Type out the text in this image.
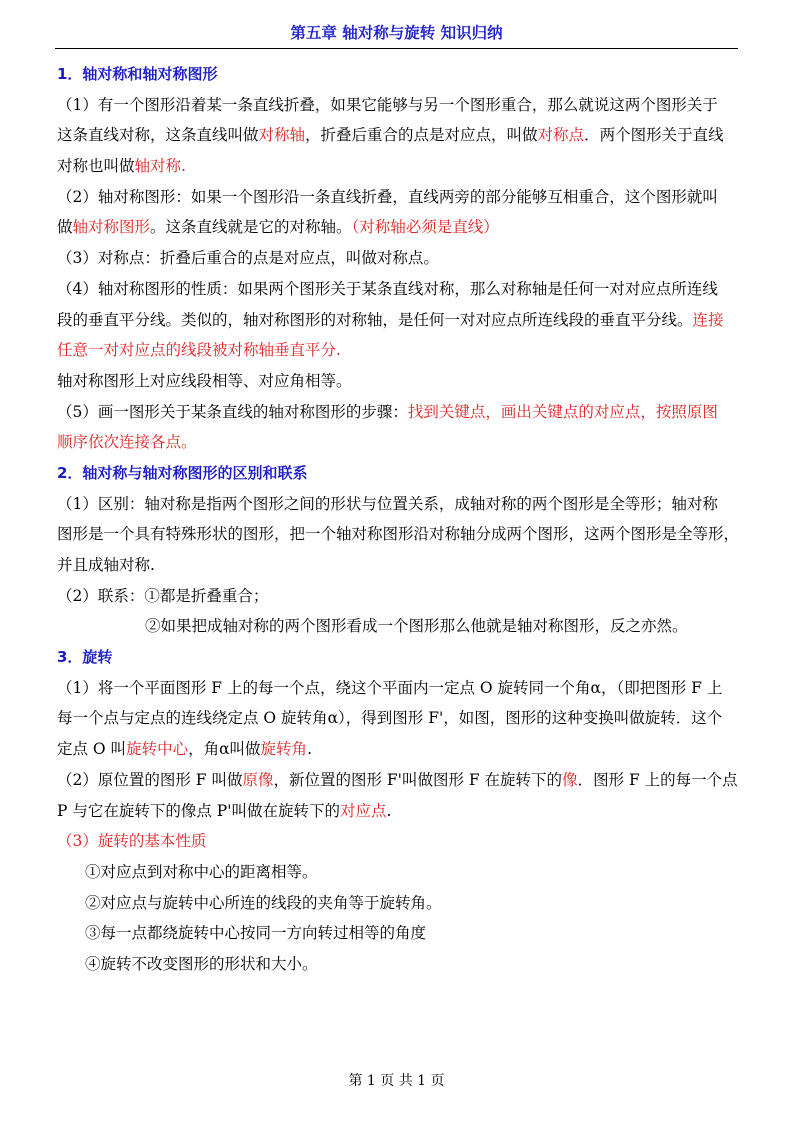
第五章 轴对称与旋转 知识归纳
1．轴对称和轴对称图形
（1）有一个图形沿着某一条直线折叠，如果它能够与另一个图形重合，那么就说这两个图形关于
这条直线对称，这条直线叫做对称轴，折叠后重合的点是对应点，叫做对称点．两个图形关于直线
对称也叫做轴对称.
（2）轴对称图形：如果一个图形沿一条直线折叠，直线两旁的部分能够互相重合，这个图形就叫
做轴对称图形。这条直线就是它的对称轴。（对称轴必须是直线）
（3）对称点：折叠后重合的点是对应点，叫做对称点。
（4）轴对称图形的性质：如果两个图形关于某条直线对称，那么对称轴是任何一对对应点所连线
段的垂直平分线。类似的，轴对称图形的对称轴，是任何一对对应点所连线段的垂直平分线。连接
任意一对对应点的线段被对称轴垂直平分.
轴对称图形上对应线段相等、对应角相等。
（5）画一图形关于某条直线的轴对称图形的步骤：找到关键点，画出关键点的对应点，按照原图
顺序依次连接各点。
2．轴对称与轴对称图形的区别和联系
（1）区别：轴对称是指两个图形之间的形状与位置关系，成轴对称的两个图形是全等形；轴对称
图形是一个具有特殊形状的图形，把一个轴对称图形沿对称轴分成两个图形，这两个图形是全等形，
并且成轴对称.
（2）联系：①都是折叠重合；
②如果把成轴对称的两个图形看成一个图形那么他就是轴对称图形，反之亦然。
3．旋转
（1）将一个平面图形 F 上的每一个点，绕这个平面内一定点 O 旋转同一个角α，（即把图形 F 上
每一个点与定点的连线绕定点 O 旋转角α），得到图形 F'，如图，图形的这种变换叫做旋转．这个
定点 O 叫旋转中心，角α叫做旋转角.
（2）原位置的图形 F 叫做原像，新位置的图形 F'叫做图形 F 在旋转下的像．图形 F 上的每一个点
P 与它在旋转下的像点 P'叫做在旋转下的对应点.
（3）旋转的基本性质
①对应点到对称中心的距离相等。
②对应点与旋转中心所连的线段的夹角等于旋转角。
③每一点都绕旋转中心按同一方向转过相等的角度
④旋转不改变图形的形状和大小。
第 1 页 共 1 页
